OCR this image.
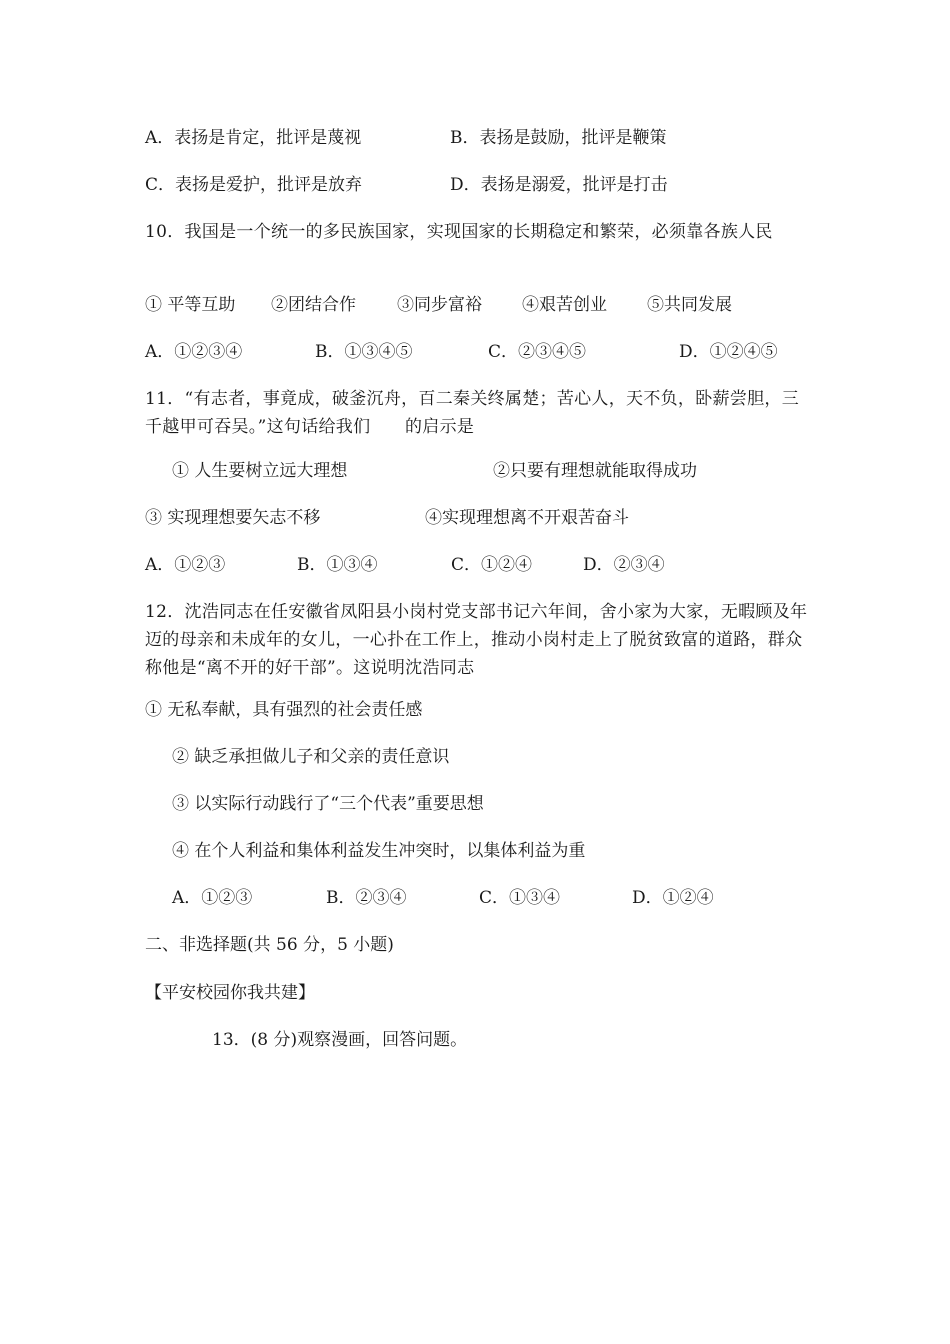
A．表扬是肯定，批评是蔑视	B．表扬是鼓励，批评是鞭策
C．表扬是爱护，批评是放弃	D．表扬是溺爱，批评是打击
10．我国是一个统一的多民族国家，实现国家的长期稳定和繁荣，必须靠各族人民
① 平等互助 ②团结合作 ③同步富裕 ④艰苦创业 ⑤共同发展
A．①②③④	B．①③④⑤	C．②③④⑤	D．①②④⑤
11．“有志者，事竟成，破釜沉舟，百二秦关终属楚；苦心人，天不负，卧薪尝胆，三千越甲可吞吴。”这句话给我们　　的启示是
① 人生要树立远大理想	②只要有理想就能取得成功
③ 实现理想要矢志不移	④实现理想离不开艰苦奋斗
A．①②③	B．①③④	C．①②④	D．②③④
12．沈浩同志在任安徽省凤阳县小岗村党支部书记六年间，舍小家为大家，无暇顾及年迈的母亲和未成年的女儿，一心扑在工作上，推动小岗村走上了脱贫致富的道路，群众称他是“离不开的好干部”。这说明沈浩同志
① 无私奉献，具有强烈的社会责任感
② 缺乏承担做儿子和父亲的责任意识
③ 以实际行动践行了“三个代表”重要思想
④ 在个人利益和集体利益发生冲突时，以集体利益为重
A．①②③	B．②③④	C．①③④	D．①②④
二、非选择题(共 56 分，5 小题)
【平安校园你我共建】
13．(8 分)观察漫画，回答问题。
